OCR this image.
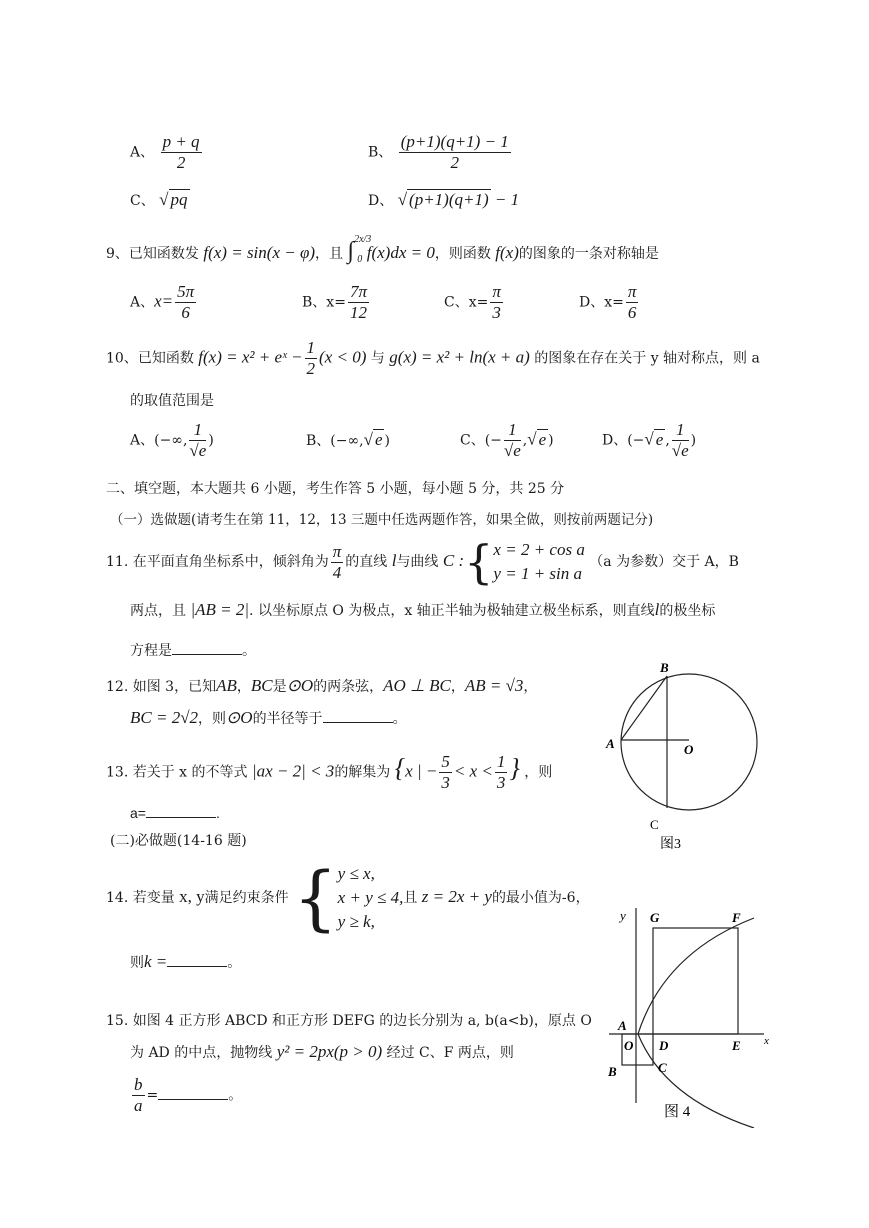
A、 $\frac{p + q}{2}$	B、 $\frac{(p+1)(q+1) - 1}{2}$
C、 √ pq	D、 √ (p+1)(q+1) − 1
9、已知函数发 f(x) = sin(x − φ)，且 ∫$^{2x/3}_0$ f(x)dx = 0，则函数 f(x)的图象的一条对称轴是
A、$x= \frac{5\pi}{6}$	B、$x= \frac{7\pi}{12}$	C、$x= \frac{\pi}{3}$	D、$x= \frac{\pi}{6}$
10、已知函数 f(x) = x² + eˣ − $\frac{1}{2} (x < 0)$ 与 g(x) = x² + ln(x + a) 的图象在存在关于 y 轴对称点，则 a
的取值范围是
A、(−∞, $\frac{1}{√e}$ )	B、(−∞,√ e )	C、(− $\frac{1}{√e}$ ,√ e )	D、(−√ e , $\frac{1}{√e}$ )
二、填空题，本大题共 6 小题，考生作答 5 小题，每小题 5 分，共 25 分
（一）选做题(请考生在第 11，12，13 三题中任选两题作答，如果全做，则按前两题记分)
11. 在平面直角坐标系中，倾斜角为 $\frac{\pi}{4}$ 的直线 l与曲线 C :{ x = 2 + cos a
y = 1 + sin a
（a 为参数）交于 A，B
两点，且 |AB = 2|. 以坐标原点 O 为极点，x 轴正半轴为极轴建立极坐标系，则直线l的极坐标
方程是	。
12. 如图 3，已知AB，BC是⊙O的两条弦，AO ⊥ BC，AB = √3，
BC = 2√2，则⊙O的半径等于	。
13. 若关于 x 的不等式 |ax − 2| < 3的解集为 {x | − $\frac{5}{3} < x < \frac{1}{3}$ } ，则
a=	.
(二)必做题(14-16 题)
14. 若变量 x, y满足约束条件 { y ≤ x,
x + y ≤ 4,
y ≥ k,
且 z = 2x + y的最小值为-6，
则k =	。
15. 如图 4 正方形 ABCD 和正方形 DEFG 的边长分别为 a, b(a<b)，原点 O
为 AD 的中点，抛物线 y² = 2px(p > 0) 经过 C、F 两点，则
$\frac{b}{a}$ =	。
B
A	O
C
图3
y
x
G	F
A
O D	E
B	C
图 4
